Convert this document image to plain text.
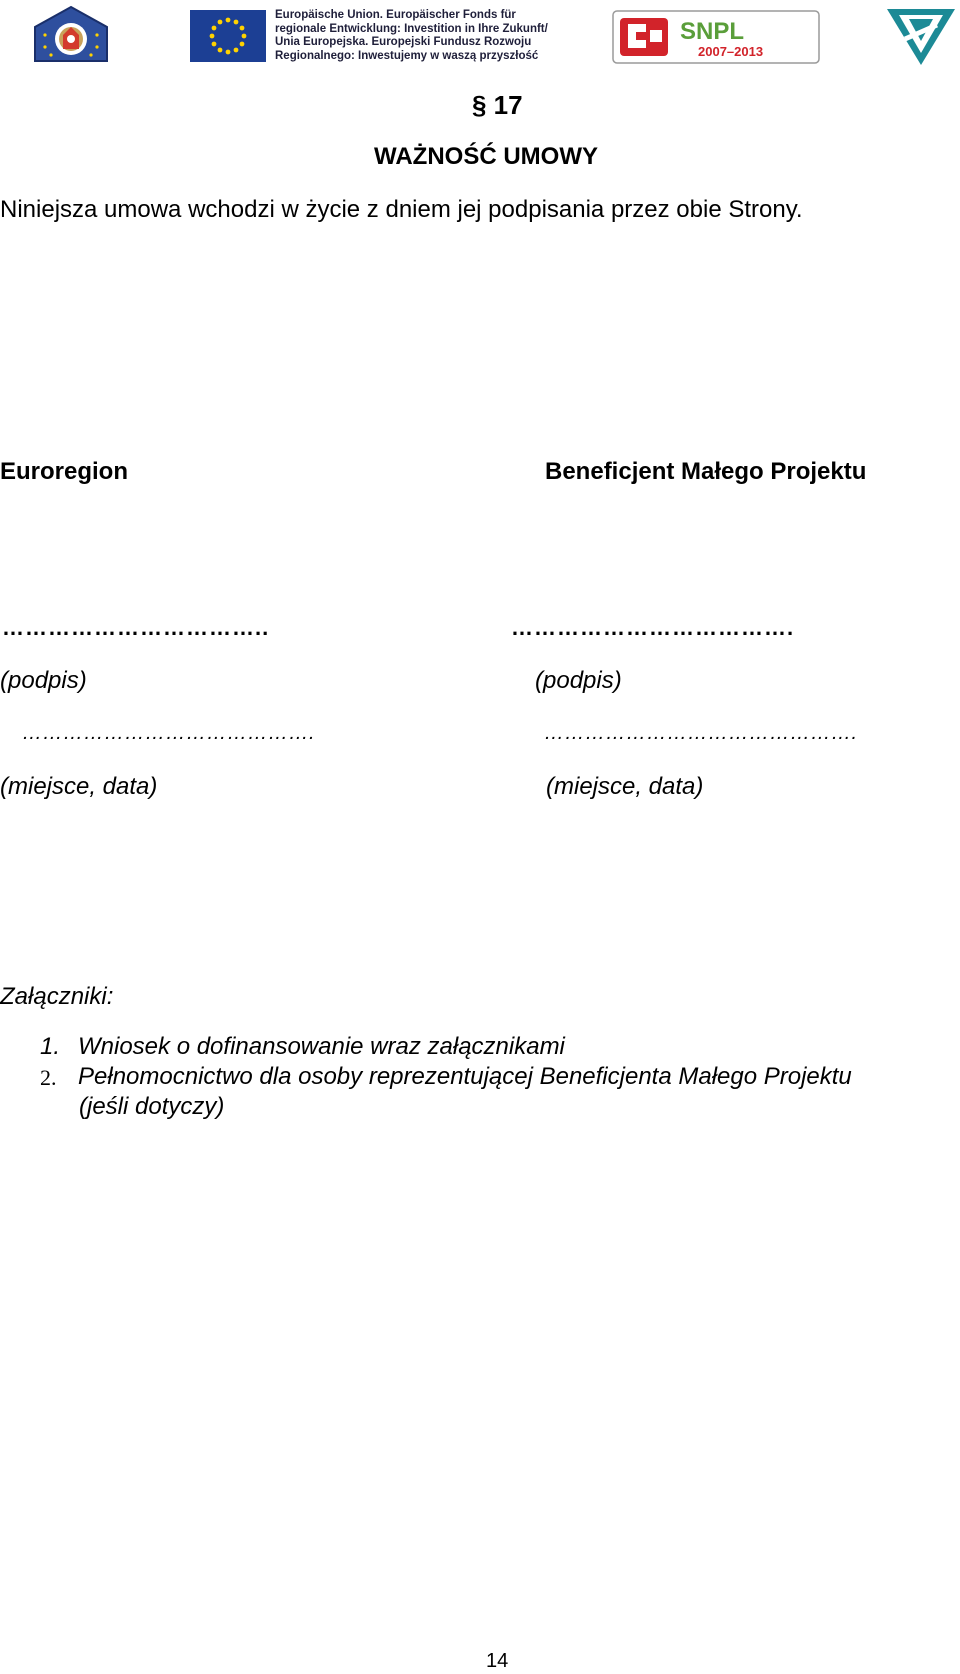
Europäische Union. Europäischer Fonds für
regionale Entwicklung: Investition in Ihre Zukunft/
Unia Europejska. Europejski Fundusz Rozwoju
Regionalnego: Inwestujemy w waszą przyszłość
SNPL
2007–2013
§ 17
WAŻNOŚĆ UMOWY
Niniejsza umowa wchodzi w życie z dniem jej podpisania przez obie Strony.
Euroregion	Beneficjent Małego Projektu
……………………………..	……………………………….
(podpis)	(podpis)
…………………………………….	……………………………………….
(miejsce, data)	(miejsce, data)
Załączniki:
1. Wniosek o dofinansowanie wraz załącznikami
2. Pełnomocnictwo dla osoby reprezentującej Beneficjenta Małego Projektu
(jeśli dotyczy)
14
